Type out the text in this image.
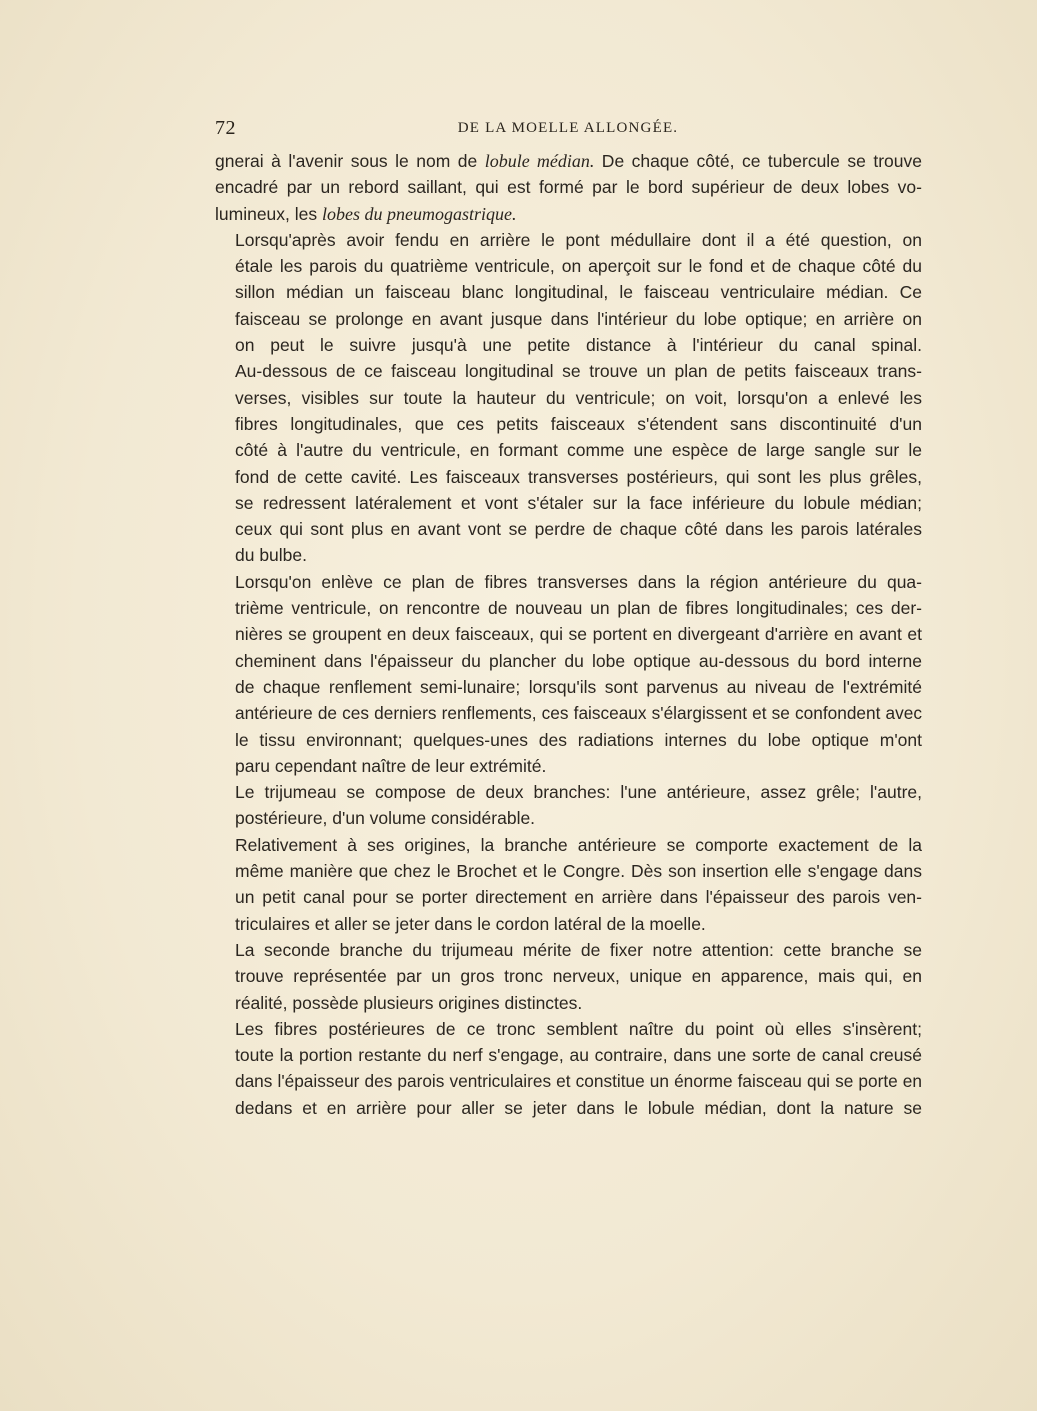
72	DE LA MOELLE ALLONGÉE.

gnerai à l'avenir sous le nom de lobule médian. De chaque côté, ce tubercule se trouve
encadré par un rebord saillant, qui est formé par le bord supérieur de deux lobes vo-
lumineux, les lobes du pneumogastrique.

Lorsqu'après avoir fendu en arrière le pont médullaire dont il a été question, on
étale les parois du quatrième ventricule, on aperçoit sur le fond et de chaque côté du
sillon médian un faisceau blanc longitudinal, le faisceau ventriculaire médian. Ce
faisceau se prolonge en avant jusque dans l'intérieur du lobe optique; en arrière on
on peut le suivre jusqu'à une petite distance à l'intérieur du canal spinal.
Au-dessous de ce faisceau longitudinal se trouve un plan de petits faisceaux trans-
verses, visibles sur toute la hauteur du ventricule; on voit, lorsqu'on a enlevé les
fibres longitudinales, que ces petits faisceaux s'étendent sans discontinuité d'un
côté à l'autre du ventricule, en formant comme une espèce de large sangle sur le
fond de cette cavité. Les faisceaux transverses postérieurs, qui sont les plus grêles,
se redressent latéralement et vont s'étaler sur la face inférieure du lobule médian;
ceux qui sont plus en avant vont se perdre de chaque côté dans les parois latérales
du bulbe.

Lorsqu'on enlève ce plan de fibres transverses dans la région antérieure du qua-
trième ventricule, on rencontre de nouveau un plan de fibres longitudinales; ces der-
nières se groupent en deux faisceaux, qui se portent en divergeant d'arrière en avant et
cheminent dans l'épaisseur du plancher du lobe optique au-dessous du bord interne
de chaque renflement semi-lunaire; lorsqu'ils sont parvenus au niveau de l'extrémité
antérieure de ces derniers renflements, ces faisceaux s'élargissent et se confondent avec
le tissu environnant; quelques-unes des radiations internes du lobe optique m'ont
paru cependant naître de leur extrémité.

Le trijumeau se compose de deux branches: l'une antérieure, assez grêle; l'autre,
postérieure, d'un volume considérable.

Relativement à ses origines, la branche antérieure se comporte exactement de la
même manière que chez le Brochet et le Congre. Dès son insertion elle s'engage dans
un petit canal pour se porter directement en arrière dans l'épaisseur des parois ven-
triculaires et aller se jeter dans le cordon latéral de la moelle.

La seconde branche du trijumeau mérite de fixer notre attention: cette branche se
trouve représentée par un gros tronc nerveux, unique en apparence, mais qui, en
réalité, possède plusieurs origines distinctes.

Les fibres postérieures de ce tronc semblent naître du point où elles s'insèrent;
toute la portion restante du nerf s'engage, au contraire, dans une sorte de canal creusé
dans l'épaisseur des parois ventriculaires et constitue un énorme faisceau qui se porte en
dedans et en arrière pour aller se jeter dans le lobule médian, dont la nature se
